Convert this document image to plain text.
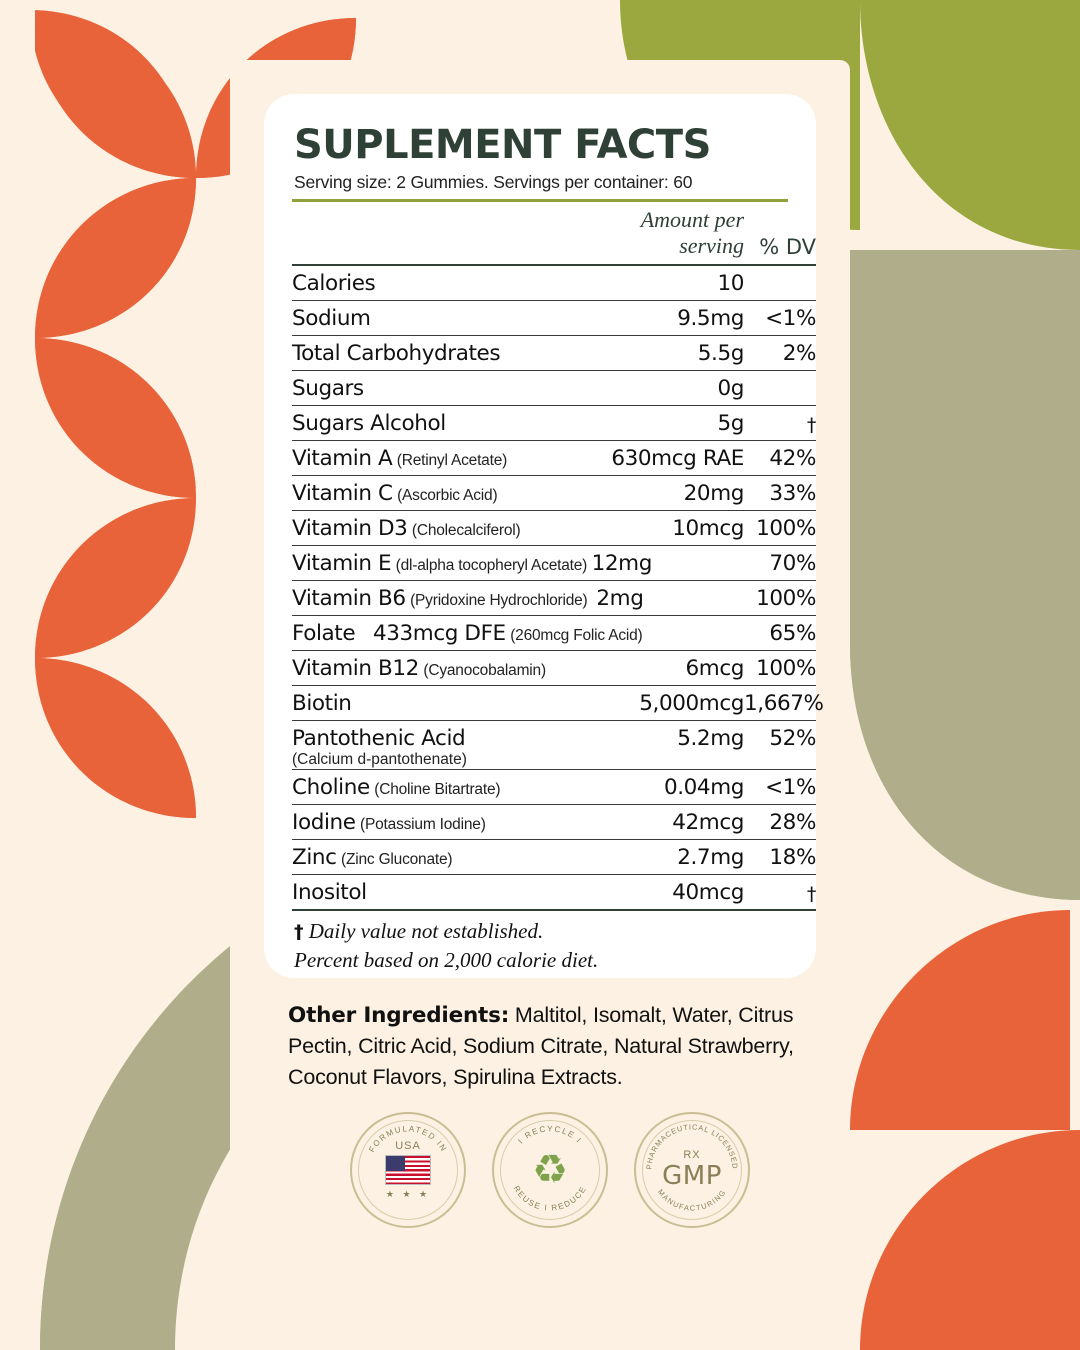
SUPLEMENT FACTS
Serving size: 2 Gummies. Servings per container: 60
	Amount per serving	% DV

Calories	10	
Sodium	9.5mg	<1%
Total Carbohydrates	5.5g	2%
Sugars	0g	
Sugars Alcohol	5g	†
Vitamin A (Retinyl Acetate)	630mcg RAE	42%
Vitamin C (Ascorbic Acid)	20mg	33%
Vitamin D3 (Cholecalciferol)	10mcg	100%
Vitamin E (dl-alpha tocopheryl Acetate) 12mg		70%
Vitamin B6 (Pyridoxine Hydrochloride) 2mg		100%
Folate 433mcg DFE (260mcg Folic Acid)		65%
Vitamin B12 (Cyanocobalamin)	6mcg	100%
Biotin	5,000mcg	1,667%
Pantothenic Acid	5.2mg	52%
(Calcium d-pantothenate)		
Choline (Choline Bitartrate)	0.04mg	<1%
Iodine (Potassium Iodine)	42mcg	28%
Zinc (Zinc Gluconate)	2.7mg	18%
Inositol	40mcg	†
† Daily value not established.
Percent based on 2,000 calorie diet.
Other Ingredients: Maltitol, Isomalt, Water, Citrus Pectin, Citric Acid, Sodium Citrate, Natural Strawberry, Coconut Flavors, Spirulina Extracts.
FORMULATED IN
USA
★ ★ ★
I RECYCLE I
REUSE I REDUCE
♻	PHARMACEUTICAL LICENSED
MANUFACTURING
RX
GMP
